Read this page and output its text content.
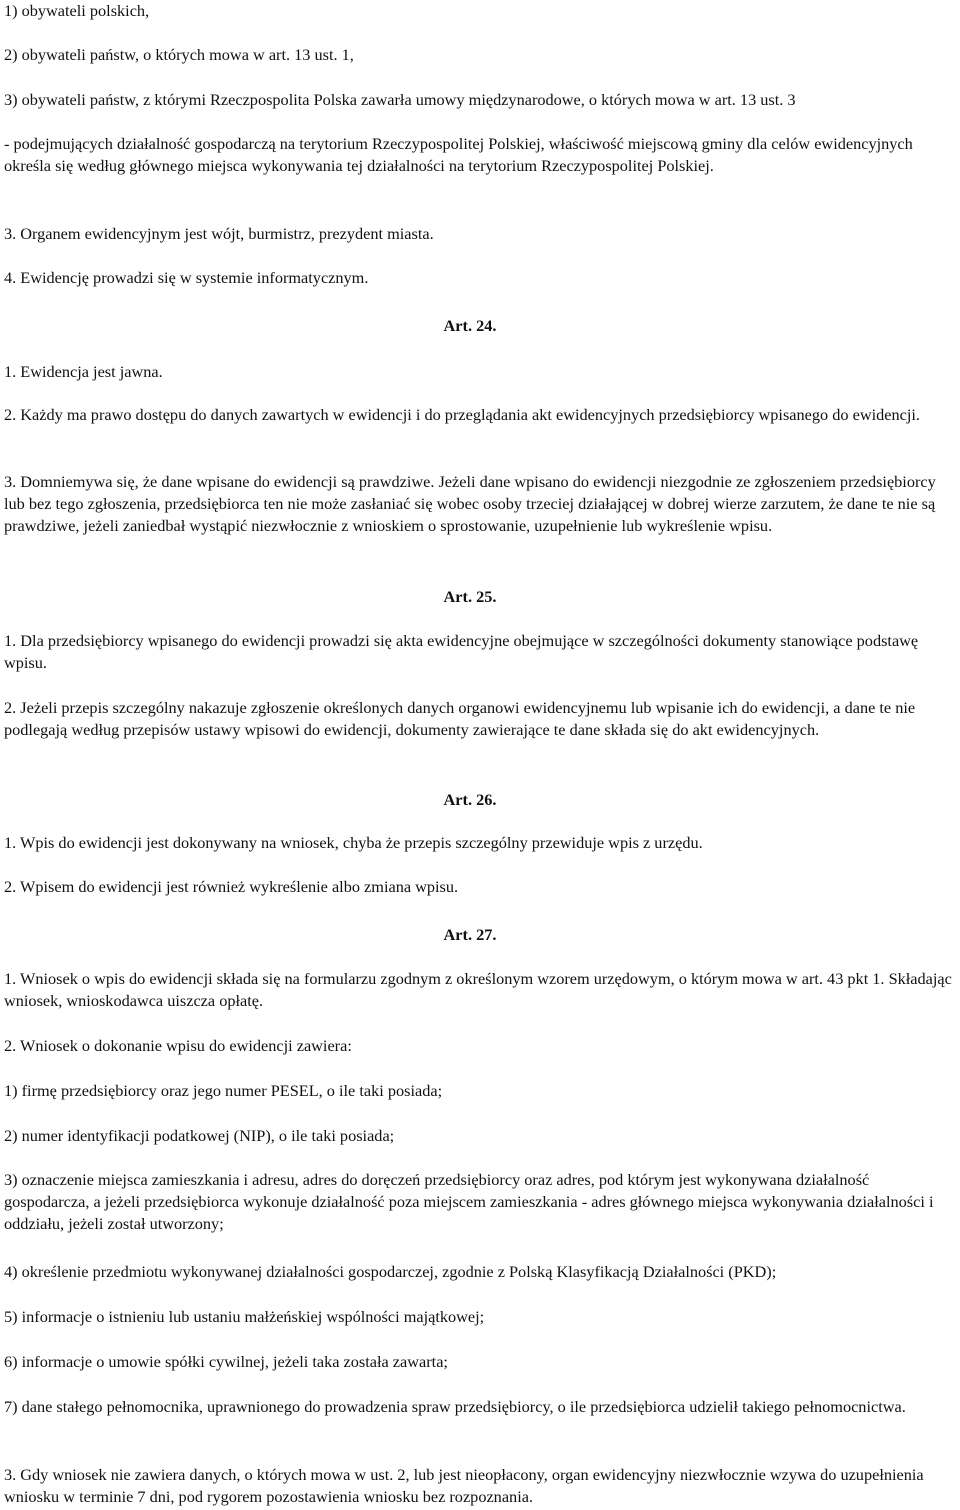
1) obywateli polskich,

2) obywateli państw, o których mowa w art. 13 ust. 1,

3) obywateli państw, z którymi Rzeczpospolita Polska zawarła umowy międzynarodowe, o których mowa w art. 13 ust. 3

- podejmujących działalność gospodarczą na terytorium Rzeczypospolitej Polskiej, właściwość miejscową gminy dla celów ewidencyjnych określa się według głównego miejsca wykonywania tej działalności na terytorium Rzeczypospolitej Polskiej.

3. Organem ewidencyjnym jest wójt, burmistrz, prezydent miasta.

4. Ewidencję prowadzi się w systemie informatycznym.

Art. 24.

1. Ewidencja jest jawna.

2. Każdy ma prawo dostępu do danych zawartych w ewidencji i do przeglądania akt ewidencyjnych przedsiębiorcy wpisanego do ewidencji.

3. Domniemywa się, że dane wpisane do ewidencji są prawdziwe. Jeżeli dane wpisano do ewidencji niezgodnie ze zgłoszeniem przedsiębiorcy lub bez tego zgłoszenia, przedsiębiorca ten nie może zasłaniać się wobec osoby trzeciej działającej w dobrej wierze zarzutem, że dane te nie są prawdziwe, jeżeli zaniedbał wystąpić niezwłocznie z wnioskiem o sprostowanie, uzupełnienie lub wykreślenie wpisu.

Art. 25.

1. Dla przedsiębiorcy wpisanego do ewidencji prowadzi się akta ewidencyjne obejmujące w szczególności dokumenty stanowiące podstawę wpisu.

2. Jeżeli przepis szczególny nakazuje zgłoszenie określonych danych organowi ewidencyjnemu lub wpisanie ich do ewidencji, a dane te nie podlegają według przepisów ustawy wpisowi do ewidencji, dokumenty zawierające te dane składa się do akt ewidencyjnych.

Art. 26.

1. Wpis do ewidencji jest dokonywany na wniosek, chyba że przepis szczególny przewiduje wpis z urzędu.

2. Wpisem do ewidencji jest również wykreślenie albo zmiana wpisu.

Art. 27.

1. Wniosek o wpis do ewidencji składa się na formularzu zgodnym z określonym wzorem urzędowym, o którym mowa w art. 43 pkt 1. Składając wniosek, wnioskodawca uiszcza opłatę.

2. Wniosek o dokonanie wpisu do ewidencji zawiera:

1) firmę przedsiębiorcy oraz jego numer PESEL, o ile taki posiada;

2) numer identyfikacji podatkowej (NIP), o ile taki posiada;

3) oznaczenie miejsca zamieszkania i adresu, adres do doręczeń przedsiębiorcy oraz adres, pod którym jest wykonywana działalność gospodarcza, a jeżeli przedsiębiorca wykonuje działalność poza miejscem zamieszkania - adres głównego miejsca wykonywania działalności i oddziału, jeżeli został utworzony;

4) określenie przedmiotu wykonywanej działalności gospodarczej, zgodnie z Polską Klasyfikacją Działalności (PKD);

5) informacje o istnieniu lub ustaniu małżeńskiej wspólności majątkowej;

6) informacje o umowie spółki cywilnej, jeżeli taka została zawarta;

7) dane stałego pełnomocnika, uprawnionego do prowadzenia spraw przedsiębiorcy, o ile przedsiębiorca udzielił takiego pełnomocnictwa.

3. Gdy wniosek nie zawiera danych, o których mowa w ust. 2, lub jest nieopłacony, organ ewidencyjny niezwłocznie wzywa do uzupełnienia wniosku w terminie 7 dni, pod rygorem pozostawienia wniosku bez rozpoznania.
